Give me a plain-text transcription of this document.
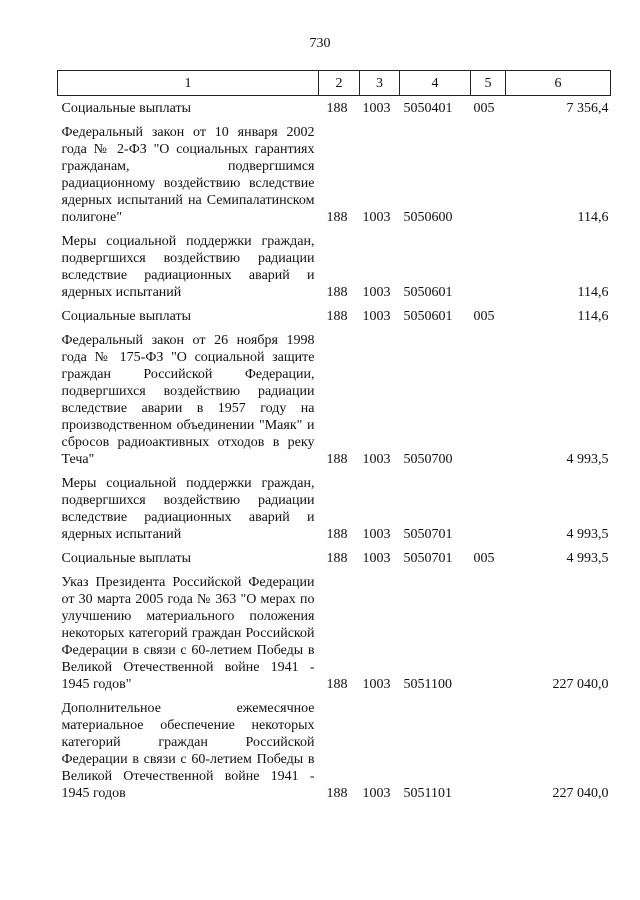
730
1	2	3	4	5	6
Социальные выплаты	188	1003	5050401	005	7 356,4
Федеральный закон от 10 января 2002 года № 2-ФЗ "О социальных гарантиях гражданам, подвергшимся радиационному воздействию вследствие ядерных испытаний на Семипалатинском полигоне"	188	1003	5050600		114,6
Меры социальной поддержки граждан, подвергшихся воздействию радиации вследствие радиационных аварий и ядерных испытаний	188	1003	5050601		114,6
Социальные выплаты	188	1003	5050601	005	114,6
Федеральный закон от 26 ноября 1998 года № 175-ФЗ "О социальной защите граждан Российской Федерации, подвергшихся воздействию радиации вследствие аварии в 1957 году на производственном объединении "Маяк" и сбросов радиоактивных отходов в реку Теча"	188	1003	5050700		4 993,5
Меры социальной поддержки граждан, подвергшихся воздействию радиации вследствие радиационных аварий и ядерных испытаний	188	1003	5050701		4 993,5
Социальные выплаты	188	1003	5050701	005	4 993,5
Указ Президента Российской Федерации от 30 марта 2005 года № 363 "О мерах по улучшению материального положения некоторых категорий граждан Российской Федерации в связи с 60-летием Победы в Великой Отечественной войне 1941 - 1945 годов"	188	1003	5051100		227 040,0
Дополнительное ежемесячное материальное обеспечение некоторых категорий граждан Российской Федерации в связи с 60-летием Победы в Великой Отечественной войне 1941 - 1945 годов	188	1003	5051101		227 040,0
